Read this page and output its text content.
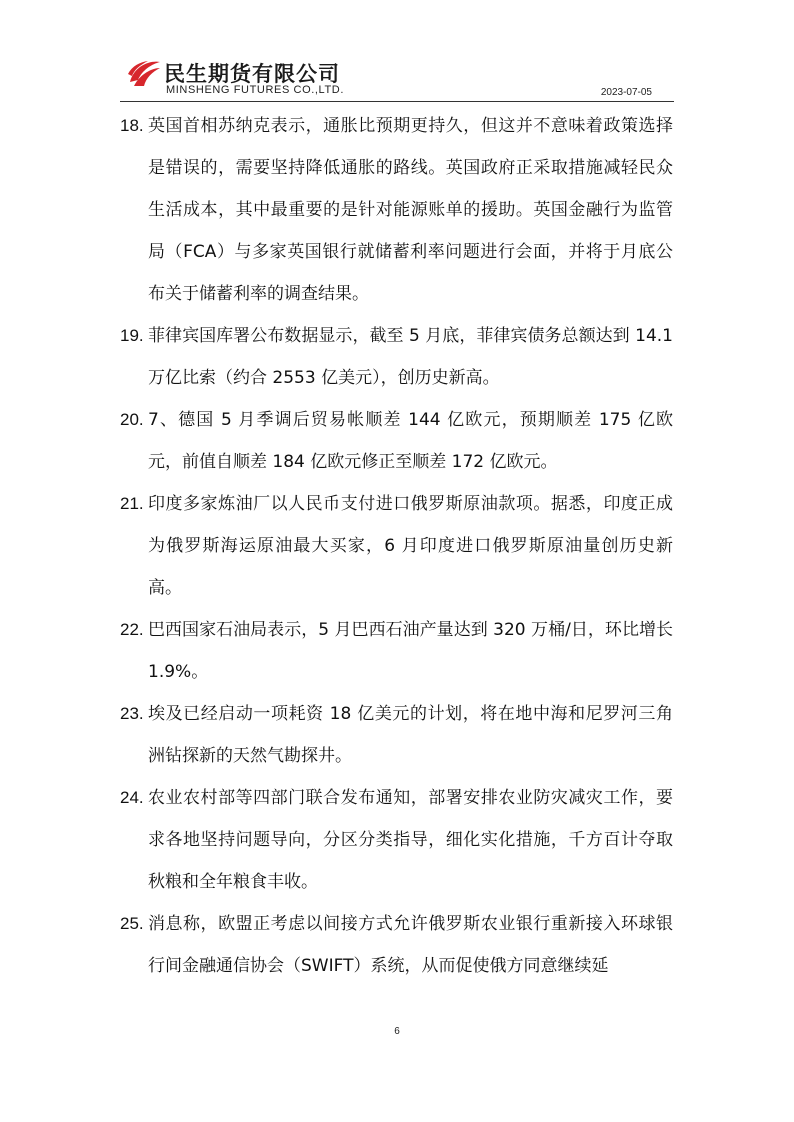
民生期货有限公司
MINSHENG FUTURES CO.,LTD.	2023-07-05

18. 英国首相苏纳克表示，通胀比预期更持久，但这并不意味着政策选择是错误的，需要坚持降低通胀的路线。英国政府正采取措施减轻民众生活成本，其中最重要的是针对能源账单的援助。英国金融行为监管局（FCA）与多家英国银行就储蓄利率问题进行会面，并将于月底公布关于储蓄利率的调查结果。

19. 菲律宾国库署公布数据显示，截至 5 月底，菲律宾债务总额达到 14.1 万亿比索（约合 2553 亿美元），创历史新高。

20. 7、德国 5 月季调后贸易帐顺差 144 亿欧元，预期顺差 175 亿欧元，前值自顺差 184 亿欧元修正至顺差 172 亿欧元。

21. 印度多家炼油厂以人民币支付进口俄罗斯原油款项。据悉，印度正成为俄罗斯海运原油最大买家，6 月印度进口俄罗斯原油量创历史新高。

22. 巴西国家石油局表示，5 月巴西石油产量达到 320 万桶/日，环比增长 1.9%。

23. 埃及已经启动一项耗资 18 亿美元的计划，将在地中海和尼罗河三角洲钻探新的天然气勘探井。

24. 农业农村部等四部门联合发布通知，部署安排农业防灾减灾工作，要求各地坚持问题导向，分区分类指导，细化实化措施，千方百计夺取秋粮和全年粮食丰收。

25. 消息称，欧盟正考虑以间接方式允许俄罗斯农业银行重新接入环球银行间金融通信协会（SWIFT）系统，从而促使俄方同意继续延

6
